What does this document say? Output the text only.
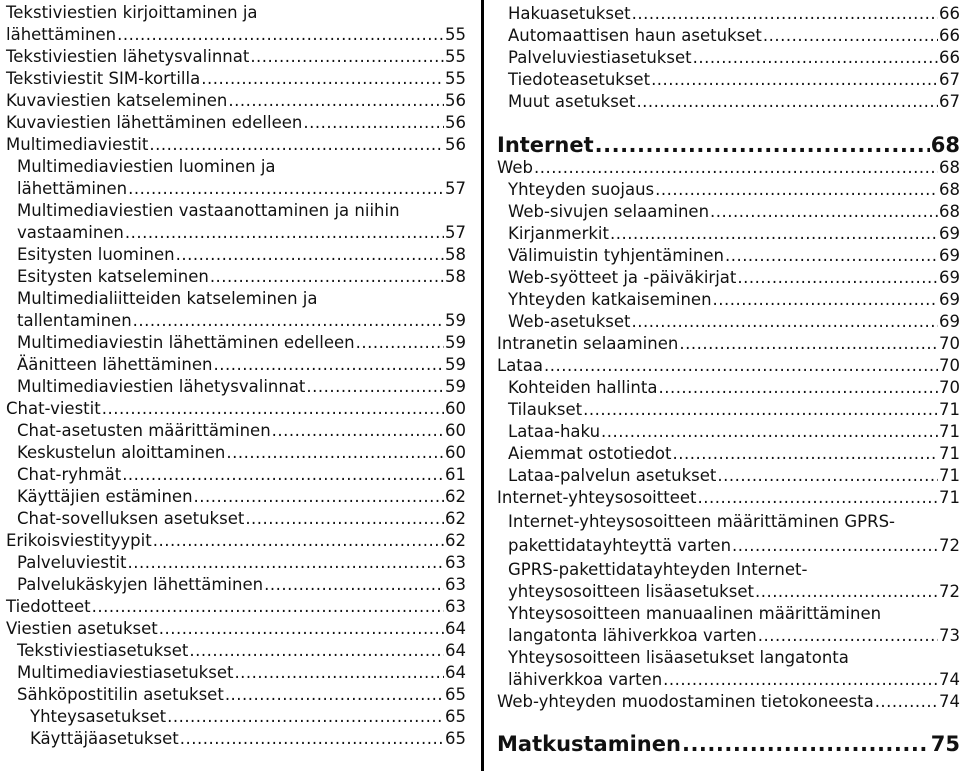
Tekstiviestien kirjoittaminen ja
lähettäminen .....	55
Tekstiviestien lähetysvalinnat .....	55
Tekstiviestit SIM-kortilla .....	55
Kuvaviestien katseleminen .....	56
Kuvaviestien lähettäminen edelleen .....	56
Multimediaviestit .....	56
Multimediaviestien luominen ja
lähettäminen .....	57
Multimediaviestien vastaanottaminen ja niihin
vastaaminen .....	57
Esitysten luominen .....	58
Esitysten katseleminen .....	58
Multimedialiitteiden katseleminen ja
tallentaminen .....	59
Multimediaviestin lähettäminen edelleen .....	59
Äänitteen lähettäminen .....	59
Multimediaviestien lähetysvalinnat .....	59
Chat-viestit .....	60
Chat-asetusten määrittäminen .....	60
Keskustelun aloittaminen .....	60
Chat-ryhmät .....	61
Käyttäjien estäminen .....	62
Chat-sovelluksen asetukset .....	62
Erikoisviestityypit .....	62
Palveluviestit .....	63
Palvelukäskyjen lähettäminen .....	63
Tiedotteet .....	63
Viestien asetukset .....	64
Tekstiviestiasetukset .....	64
Multimediaviestiasetukset .....	64
Sähköpostitilin asetukset .....	65
Yhteysasetukset .....	65
Käyttäjäasetukset .....	65
Hakuasetukset .....	66
Automaattisen haun asetukset .....	66
Palveluviestiasetukset .....	66
Tiedoteasetukset .....	67
Muut asetukset .....	67
Internet .....	68
Web .....	68
Yhteyden suojaus .....	68
Web-sivujen selaaminen .....	68
Kirjanmerkit .....	69
Välimuistin tyhjentäminen .....	69
Web-syötteet ja -päiväkirjat .....	69
Yhteyden katkaiseminen .....	69
Web-asetukset .....	69
Intranetin selaaminen .....	70
Lataa .....	70
Kohteiden hallinta .....	70
Tilaukset .....	71
Lataa-haku .....	71
Aiemmat ostotiedot .....	71
Lataa-palvelun asetukset .....	71
Internet-yhteysosoitteet .....	71
Internet-yhteysosoitteen määrittäminen GPRS-
pakettidatayhteyttä varten .....	72
GPRS-pakettidatayhteyden Internet-
yhteysosoitteen lisäasetukset .....	72
Yhteysosoitteen manuaalinen määrittäminen
langatonta lähiverkkoa varten .....	73
Yhteysosoitteen lisäasetukset langatonta
lähiverkkoa varten .....	74
Web-yhteyden muodostaminen tietokoneesta .....	74
Matkustaminen .....	75
